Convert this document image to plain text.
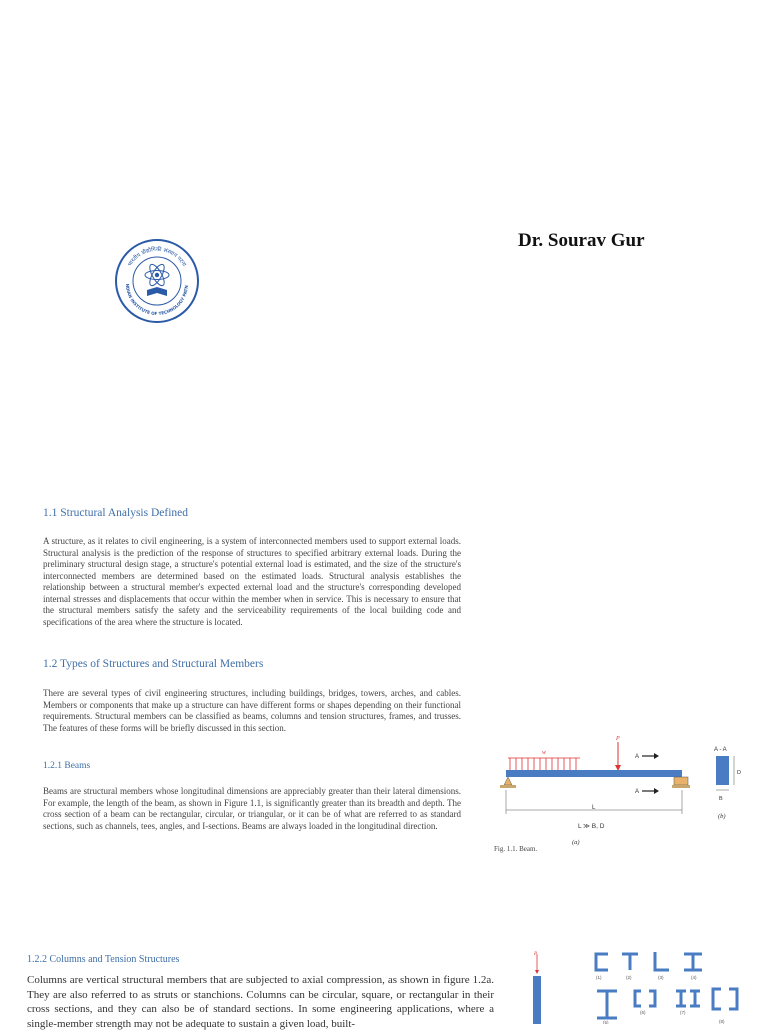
Dr. Sourav Gur
भारतीय प्रौद्योगिकी संस्थान पटना
NDIAN INSTITUTE OF TECHNOLOGY PATN
1.1 Structural Analysis Defined
A structure, as it relates to civil engineering, is a system of interconnected members used to support external loads. Structural analysis is the prediction of the response of structures to specified arbitrary external loads. During the preliminary structural design stage, a structure's potential external load is estimated, and the size of the structure's interconnected members are determined based on the estimated loads. Structural analysis establishes the relationship between a structural member's expected external load and the structure's corresponding developed internal stresses and displacements that occur within the member when in service. This is necessary to ensure that the structural members satisfy the safety and the serviceability requirements of the local building code and specifications of the area where the structure is located.
1.2 Types of Structures and Structural Members
There are several types of civil engineering structures, including buildings, bridges, towers, arches, and cables. Members or components that make up a structure can have different forms or shapes depending on their functional requirements. Structural members can be classified as beams, columns and tension structures, frames, and trusses. The features of these forms will be briefly discussed in this section.
1.2.1 Beams
Beams are structural members whose longitudinal dimensions are appreciably greater than their lateral dimensions. For example, the length of the beam, as shown in Figure 1.1, is significantly greater than its breadth and depth. The cross section of a beam can be rectangular, circular, or triangular, or it can be of what are referred to as standard sections, such as channels, tees, angles, and I-sections. Beams are always loaded in the longitudinal direction.
w
P
A
A
L
L ≫ B, D
(a)
A - A
D
B
(b)
Fig. 1.1. Beam.
1.2.2 Columns and Tension Structures
Columns are vertical structural members that are subjected to axial compression, as shown in figure 1.2a. They are also referred to as struts or stanchions. Columns can be circular, square, or rectangular in their cross sections, and they can also be of standard sections. In some engineering applications, where a single-member strength may not be adequate to sustain a given load, built-
P
(1)	(2)	(3)	(4)
(5)
(6)	(7)
(8)
